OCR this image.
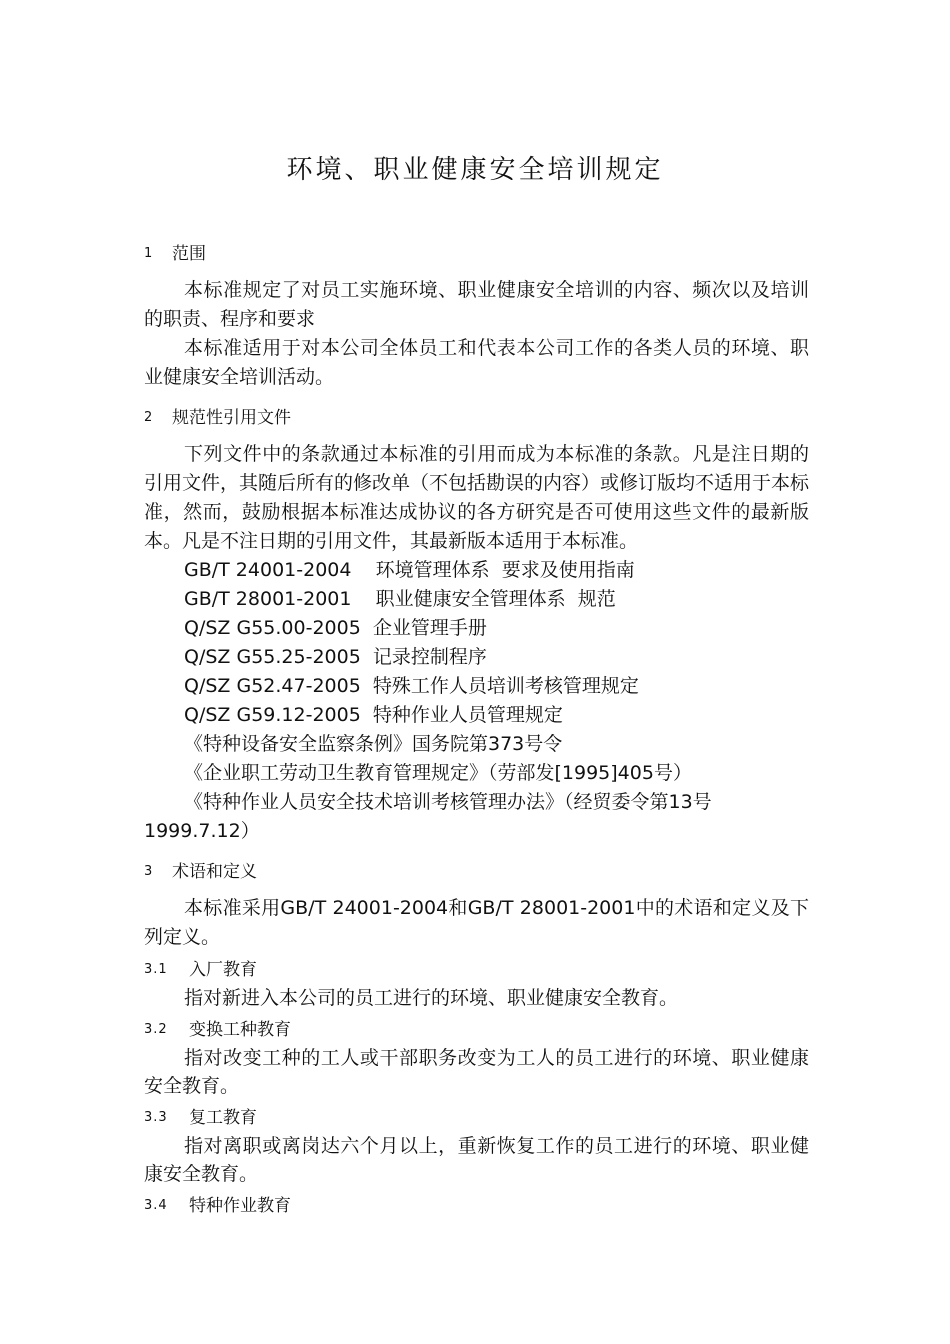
环境、职业健康安全培训规定
1	范围

本标准规定了对员工实施环境、职业健康安全培训的内容、频次以及培训的职责、程序和要求

本标准适用于对本公司全体员工和代表本公司工作的各类人员的环境、职业健康安全培训活动。

2	规范性引用文件

下列文件中的条款通过本标准的引用而成为本标准的条款。凡是注日期的引用文件，其随后所有的修改单（不包括勘误的内容）或修订版均不适用于本标准，然而，鼓励根据本标准达成协议的各方研究是否可使用这些文件的最新版本。凡是不注日期的引用文件，其最新版本适用于本标准。

GB/T 24001-2004    环境管理体系  要求及使用指南

GB/T 28001-2001    职业健康安全管理体系  规范

Q/SZ G55.00-2005  企业管理手册

Q/SZ G55.25-2005  记录控制程序

Q/SZ G52.47-2005  特殊工作人员培训考核管理规定

Q/SZ G59.12-2005  特种作业人员管理规定

《特种设备安全监察条例》国务院第373号令

《企业职工劳动卫生教育管理规定》（劳部发[1995]405号）

《特种作业人员安全技术培训考核管理办法》（经贸委令第13号 1999.7.12）

3	术语和定义

本标准采用GB/T 24001-2004和GB/T 28001-2001中的术语和定义及下列定义。

3.1	入厂教育

指对新进入本公司的员工进行的环境、职业健康安全教育。

3.2	变换工种教育

指对改变工种的工人或干部职务改变为工人的员工进行的环境、职业健康安全教育。

3.3	复工教育

指对离职或离岗达六个月以上，重新恢复工作的员工进行的环境、职业健康安全教育。

3.4	特种作业教育
